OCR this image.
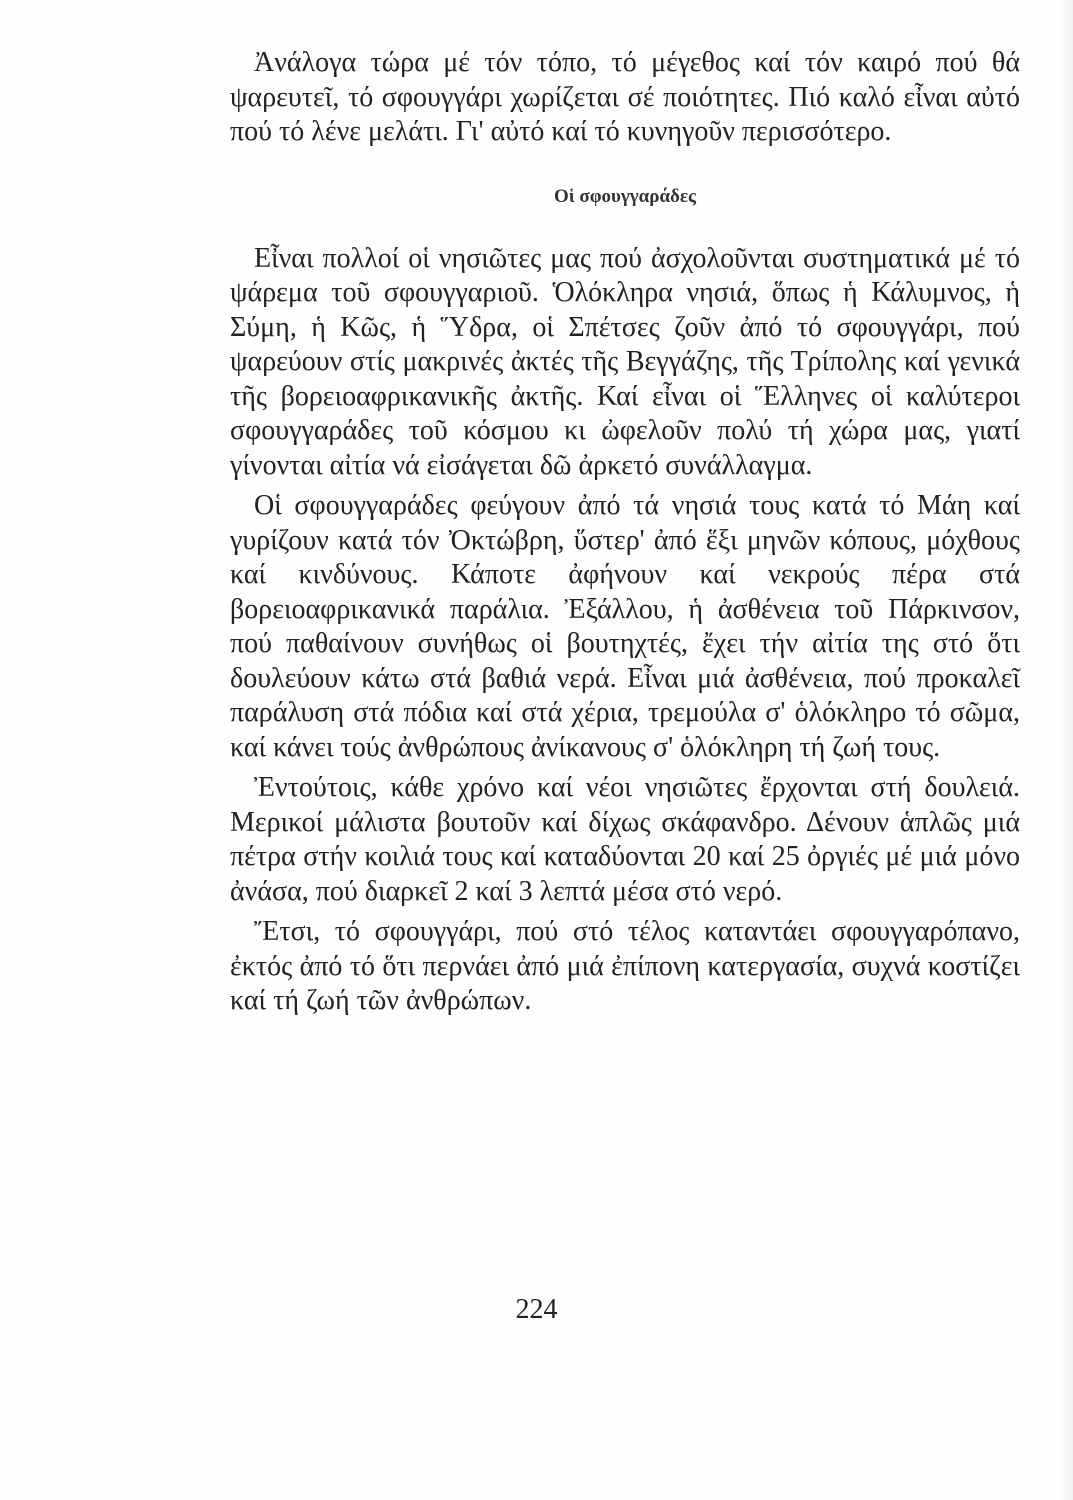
Ἀνάλογα τώρα μέ τόν τόπο, τό μέγεθος καί τόν καιρό πού θά ψαρευτεῖ, τό σφουγγάρι χωρίζεται σέ ποιότητες. Πιό καλό εἶναι αὐτό πού τό λένε μελάτι. Γι' αὐτό καί τό κυνηγοῦν περισσότερο.

Οἱ σφουγγαράδες

Εἶναι πολλοί οἱ νησιῶτες μας πού ἀσχολοῦνται συστηματικά μέ τό ψάρεμα τοῦ σφουγγαριοῦ. Ὁλόκληρα νησιά, ὅπως ἡ Κάλυμνος, ἡ Σύμη, ἡ Κῶς, ἡ Ὕδρα, οἱ Σπέτσες ζοῦν ἀπό τό σφουγγάρι, πού ψαρεύουν στίς μακρινές ἀκτές τῆς Βεγγάζης, τῆς Τρίπολης καί γενικά τῆς βορειοαφρικανικῆς ἀκτῆς. Καί εἶναι οἱ Ἕλληνες οἱ καλύτεροι σφουγγαράδες τοῦ κόσμου κι ὠφελοῦν πολύ τή χώρα μας, γιατί γίνονται αἰτία νά εἰσάγεται δῶ ἀρκετό συνάλλαγμα.

Οἱ σφουγγαράδες φεύγουν ἀπό τά νησιά τους κατά τό Μάη καί γυρίζουν κατά τόν Ὀκτώβρη, ὕστερ' ἀπό ἕξι μηνῶν κόπους, μόχθους καί κινδύνους. Κάποτε ἀφήνουν καί νεκρούς πέρα στά βορειοαφρικανικά παράλια. Ἐξάλλου, ἡ ἀσθένεια τοῦ Πάρκινσον, πού παθαίνουν συνήθως οἱ βουτηχτές, ἔχει τήν αἰτία της στό ὅτι δουλεύουν κάτω στά βαθιά νερά. Εἶναι μιά ἀσθένεια, πού προκαλεῖ παράλυση στά πόδια καί στά χέρια, τρεμούλα σ' ὁλόκληρο τό σῶμα, καί κάνει τούς ἀνθρώπους ἀνίκανους σ' ὁλόκληρη τή ζωή τους.

Ἐντούτοις, κάθε χρόνο καί νέοι νησιῶτες ἔρχονται στή δουλειά. Μερικοί μάλιστα βουτοῦν καί δίχως σκάφανδρο. Δένουν ἁπλῶς μιά πέτρα στήν κοιλιά τους καί καταδύονται 20 καί 25 ὀργιές μέ μιά μόνο ἀνάσα, πού διαρκεῖ 2 καί 3 λεπτά μέσα στό νερό.

Ἔτσι, τό σφουγγάρι, πού στό τέλος καταντάει σφουγγαρόπανο, ἐκτός ἀπό τό ὅτι περνάει ἀπό μιά ἐπίπονη κατεργασία, συχνά κοστίζει καί τή ζωή τῶν ἀνθρώπων.

224
